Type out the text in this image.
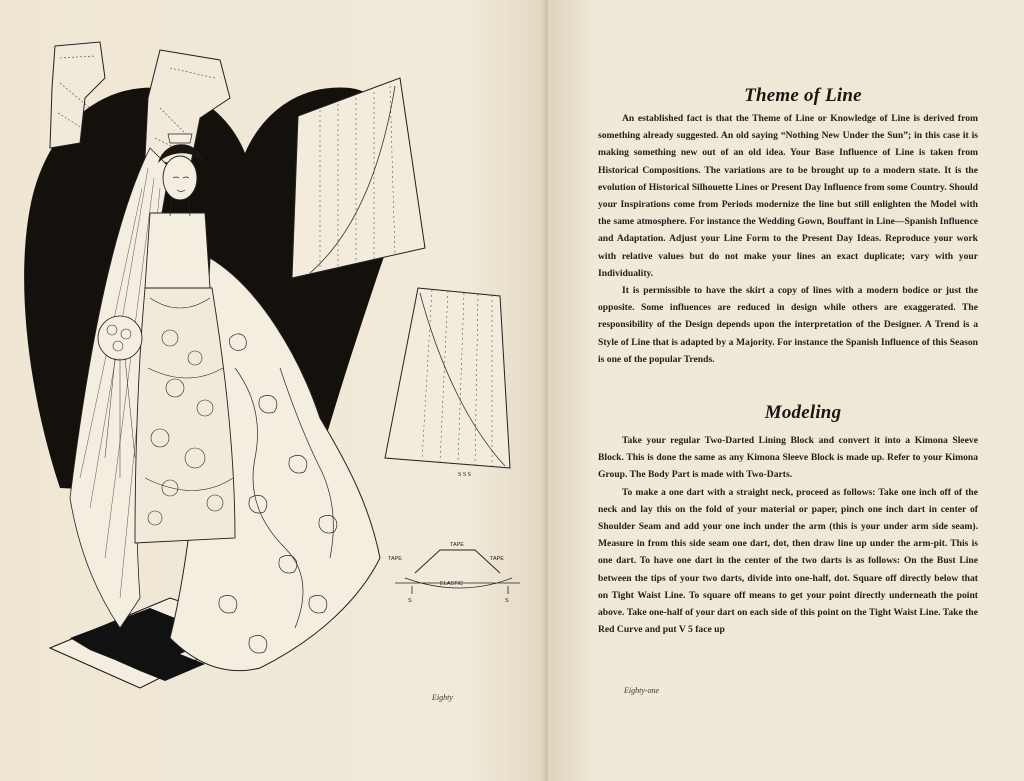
S S S
TAPE
TAPE	TAPE
ELASTIC
S	S
Eighty
Theme of Line

An established fact is that the Theme of Line or Knowledge of Line is derived from something already suggested. An old saying “Nothing New Under the Sun”; in this case it is making something new out of an old idea. Your Base Influence of Line is taken from Historical Compositions. The variations are to be brought up to a modern state. It is the evolution of Historical Silhouette Lines or Present Day Influence from some Country. Should your Inspirations come from Periods modernize the line but still enlighten the Model with the same atmosphere. For instance the Wedding Gown, Bouffant in Line—Spanish Influence and Adaptation. Adjust your Line Form to the Present Day Ideas. Reproduce your work with relative values but do not make your lines an exact duplicate; vary with your Individuality.

It is permissible to have the skirt a copy of lines with a modern bodice or just the opposite. Some influences are reduced in design while others are exaggerated. The responsibility of the Design depends upon the interpretation of the Designer. A Trend is a Style of Line that is adapted by a Majority. For instance the Spanish Influence of this Season is one of the popular Trends.

Modeling

Take your regular Two-Darted Lining Block and convert it into a Kimona Sleeve Block. This is done the same as any Kimona Sleeve Block is made up. Refer to your Kimona Group. The Body Part is made with Two-Darts.

To make a one dart with a straight neck, proceed as follows: Take one inch off of the neck and lay this on the fold of your material or paper, pinch one inch dart in center of Shoulder Seam and add your one inch under the arm (this is your under arm side seam). Measure in from this side seam one dart, dot, then draw line up under the arm-pit. This is one dart. To have one dart in the center of the two darts is as follows: On the Bust Line between the tips of your two darts, divide into one-half, dot. Square off directly below that on Tight Waist Line. To square off means to get your point directly underneath the point above. Take one-half of your dart on each side of this point on the Tight Waist Line. Take the Red Curve and put V 5 face up

Eighty-one
